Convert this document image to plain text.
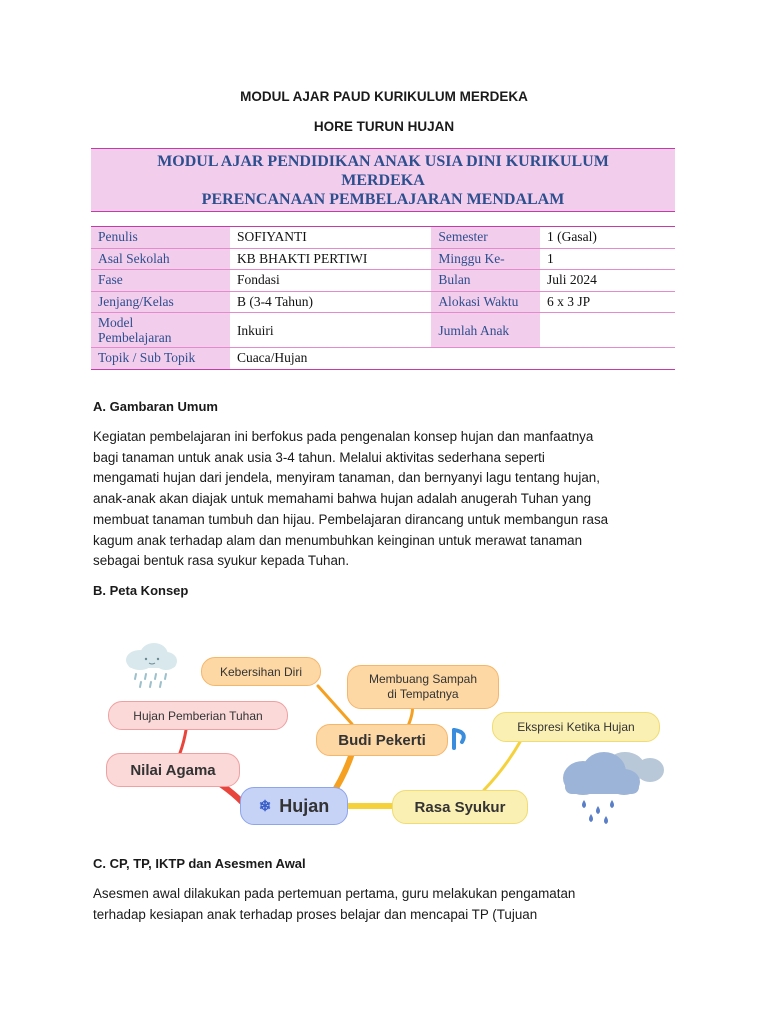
MODUL AJAR PAUD KURIKULUM MERDEKA
HORE TURUN HUJAN
MODUL AJAR PENDIDIKAN ANAK USIA DINI KURIKULUM
MERDEKA
PERENCANAAN PEMBELAJARAN MENDALAM
Penulis	SOFIYANTI	Semester	1 (Gasal)
Asal Sekolah	KB BHAKTI PERTIWI	Minggu Ke-	1
Fase	Fondasi	Bulan	Juli 2024
Jenjang/Kelas	B (3-4 Tahun)	Alokasi Waktu	6 x 3 JP

Model
Pembelajaran	Inkuiri	Jumlah Anak	
Topik / Sub Topik	Cuaca/Hujan		
A. Gambaran Umum
Kegiatan pembelajaran ini berfokus pada pengenalan konsep hujan dan manfaatnya
bagi tanaman untuk anak usia 3-4 tahun. Melalui aktivitas sederhana seperti
mengamati hujan dari jendela, menyiram tanaman, dan bernyanyi lagu tentang hujan,
anak-anak akan diajak untuk memahami bahwa hujan adalah anugerah Tuhan yang
membuat tanaman tumbuh dan hijau. Pembelajaran dirancang untuk membangun rasa
kagum anak terhadap alam dan menumbuhkan keinginan untuk merawat tanaman
sebagai bentuk rasa syukur kepada Tuhan.
B. Peta Konsep
Kebersihan Diri
Membuang Sampah
di Tempatnya
Hujan Pemberian Tuhan
Budi Pekerti
Ekspresi Ketika Hujan
Nilai Agama
❄ Hujan	Rasa Syukur
C. CP, TP, IKTP dan Asesmen Awal
Asesmen awal dilakukan pada pertemuan pertama, guru melakukan pengamatan
terhadap kesiapan anak terhadap proses belajar dan mencapai TP (Tujuan
